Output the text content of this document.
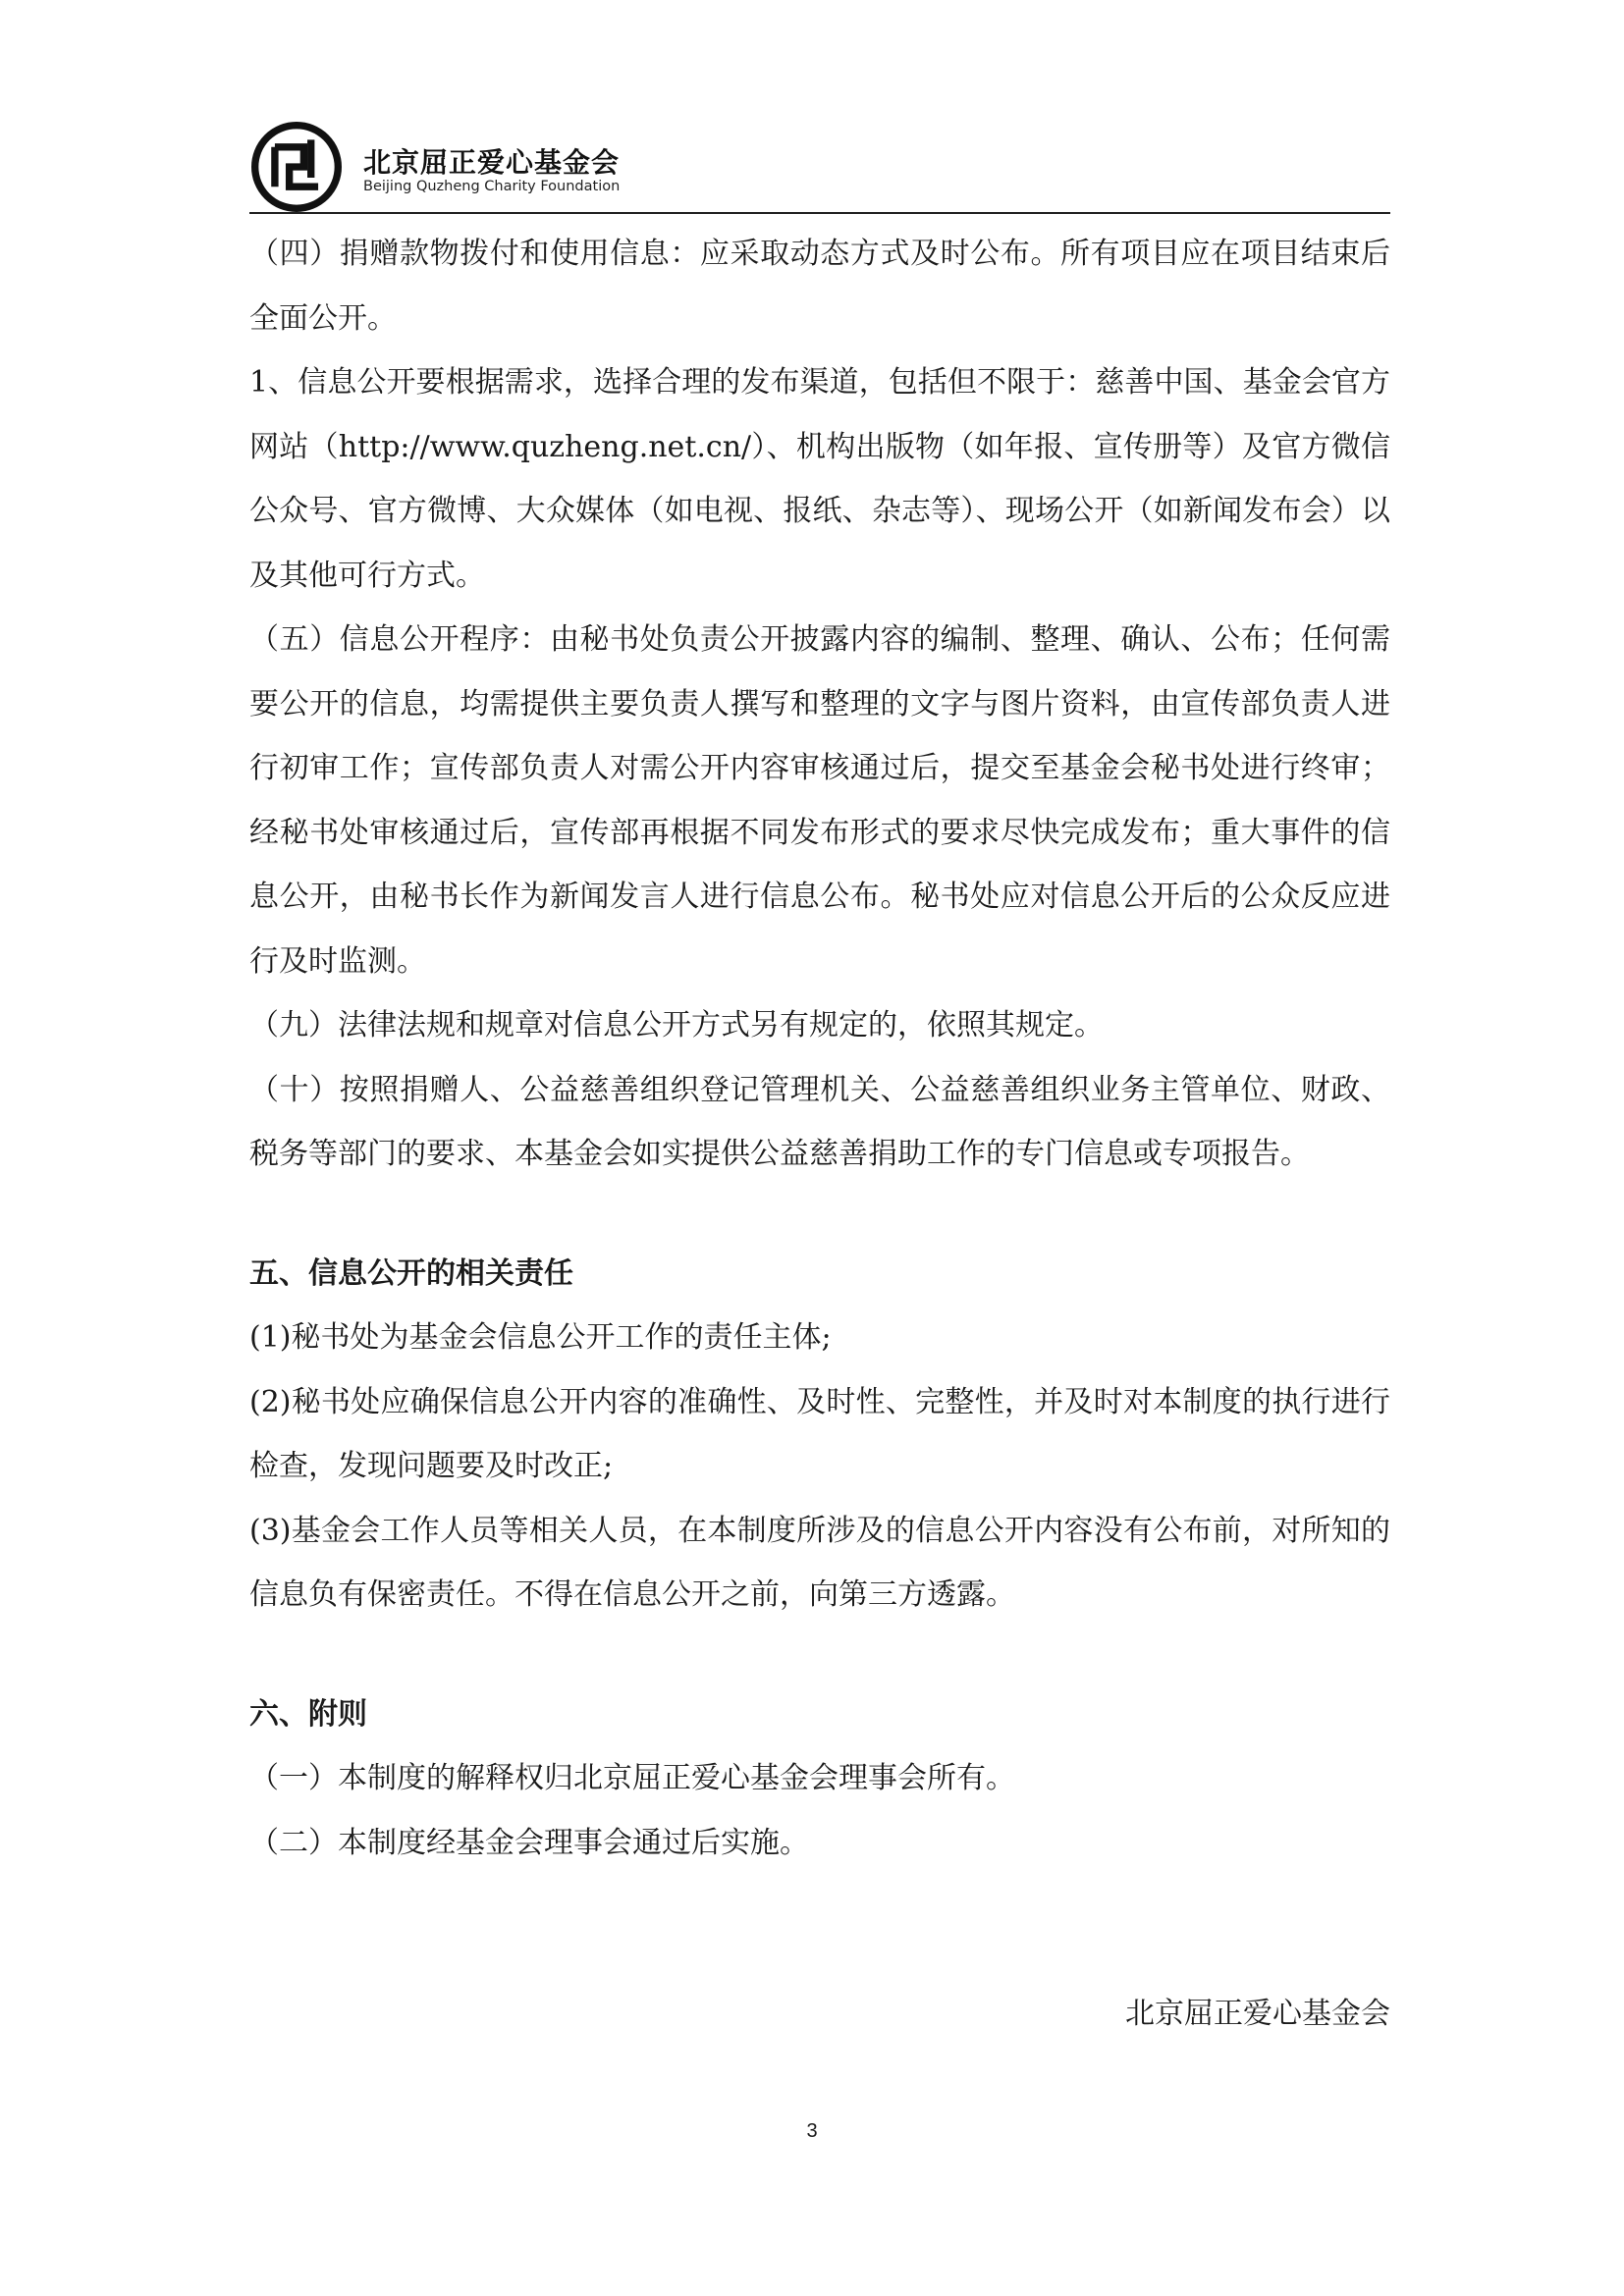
北京屈正爱心基金会
Beijing Quzheng Charity Foundation

（四）捐赠款物拨付和使用信息：应采取动态方式及时公布。所有项目应在项目结束后全面公开。

1、信息公开要根据需求，选择合理的发布渠道，包括但不限于：慈善中国、基金会官方网站（http://www.quzheng.net.cn/）、机构出版物（如年报、宣传册等）及官方微信公众号、官方微博、大众媒体（如电视、报纸、杂志等）、现场公开（如新闻发布会）以及其他可行方式。

（五）信息公开程序：由秘书处负责公开披露内容的编制、整理、确认、公布；任何需要公开的信息，均需提供主要负责人撰写和整理的文字与图片资料，由宣传部负责人进行初审工作；宣传部负责人对需公开内容审核通过后，提交至基金会秘书处进行终审；经秘书处审核通过后，宣传部再根据不同发布形式的要求尽快完成发布；重大事件的信息公开，由秘书长作为新闻发言人进行信息公布。秘书处应对信息公开后的公众反应进行及时监测。

（九）法律法规和规章对信息公开方式另有规定的，依照其规定。

（十）按照捐赠人、公益慈善组织登记管理机关、公益慈善组织业务主管单位、财政、税务等部门的要求、本基金会如实提供公益慈善捐助工作的专门信息或专项报告。

五、信息公开的相关责任

(1)秘书处为基金会信息公开工作的责任主体;

(2)秘书处应确保信息公开内容的准确性、及时性、完整性，并及时对本制度的执行进行检查，发现问题要及时改正;

(3)基金会工作人员等相关人员，在本制度所涉及的信息公开内容没有公布前，对所知的信息负有保密责任。不得在信息公开之前，向第三方透露。

六、附则

（一）本制度的解释权归北京屈正爱心基金会理事会所有。

（二）本制度经基金会理事会通过后实施。

北京屈正爱心基金会
3
